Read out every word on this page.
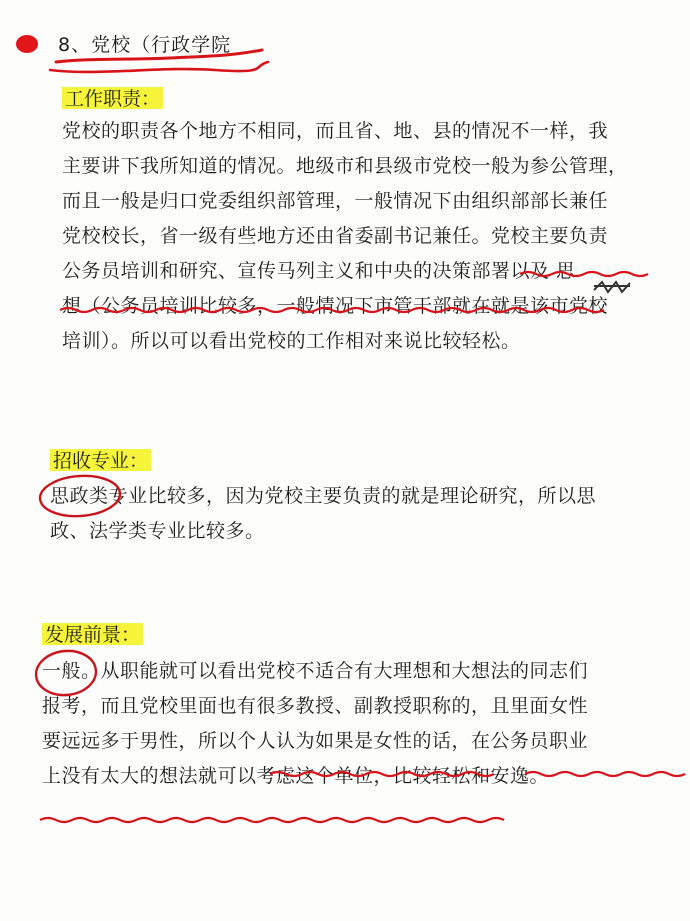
8、党校（行政学院
工作职责：
党校的职责各个地方不相同，而且省、地、县的情况不一样，我
主要讲下我所知道的情况。地级市和县级市党校一般为参公管理，
而且一般是归口党委组织部管理，一般情况下由组织部部长兼任
党校校长，省一级有些地方还由省委副书记兼任。党校主要负责
公务员培训和研究、宣传马列主义和中央的决策部署以及 思
想（公务员培训比较多，一般情况下市管干部就在就是该市党校
培训）。所以可以看出党校的工作相对来说比较轻松。
招收专业：
思政类专业比较多，因为党校主要负责的就是理论研究，所以思
政、法学类专业比较多。
发展前景：
一般。从职能就可以看出党校不适合有大理想和大想法的同志们
报考，而且党校里面也有很多教授、副教授职称的，且里面女性
要远远多于男性，所以个人认为如果是女性的话，在公务员职业
上没有太大的想法就可以考虑这个单位，比较轻松和安逸。
